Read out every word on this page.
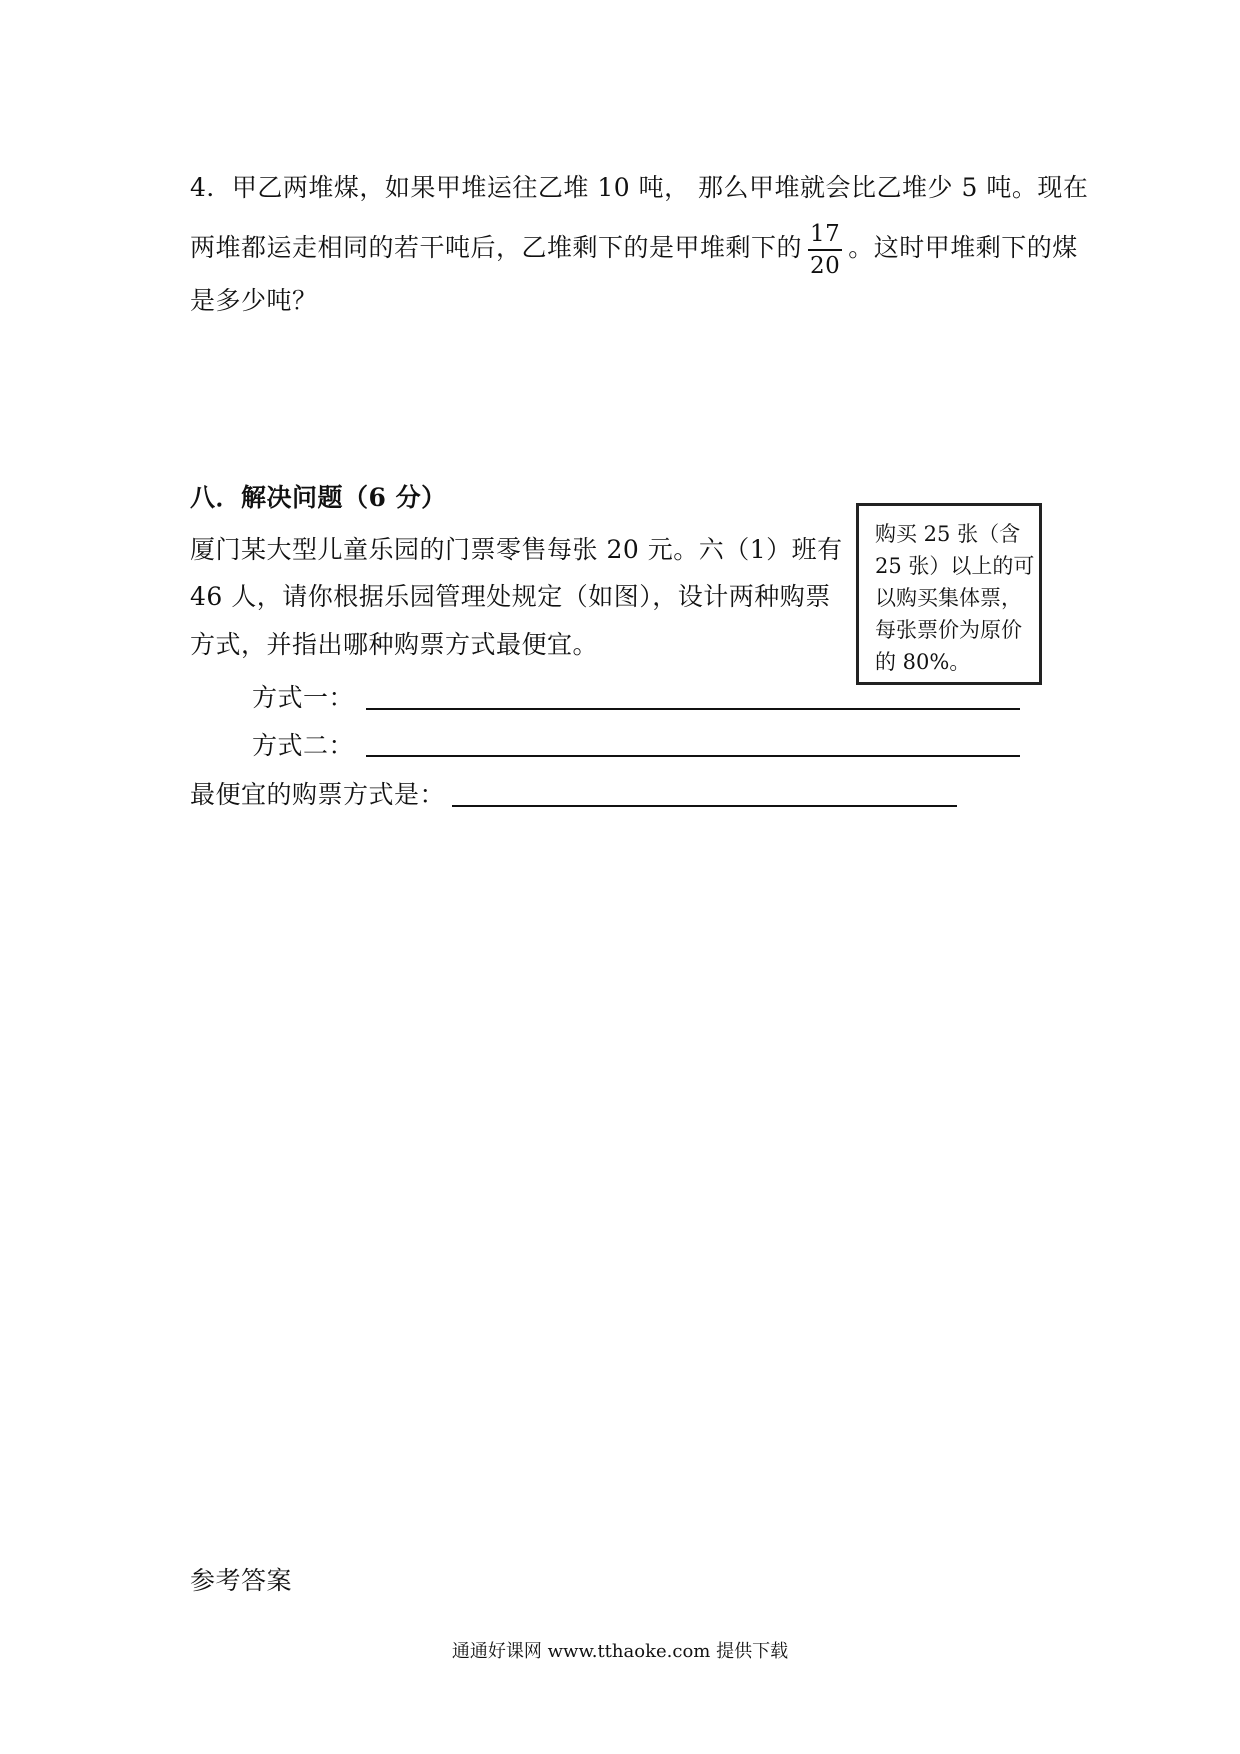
4．甲乙两堆煤，如果甲堆运往乙堆 10 吨， 那么甲堆就会比乙堆少 5 吨。现在
两堆都运走相同的若干吨后，乙堆剩下的是甲堆剩下的 $\frac{17}{20}$ 。这时甲堆剩下的煤
是多少吨？
八．解决问题（6 分）
厦门某大型儿童乐园的门票零售每张 20 元。六（1）班有
46 人，请你根据乐园管理处规定（如图），设计两种购票
方式，并指出哪种购票方式最便宜。
购买 25 张（含
25 张）以上的可
以购买集体票，
每张票价为原价
的 80%。
方式一：
方式二：
最便宜的购票方式是：
参考答案
通通好课网 www.tthaoke.com 提供下载
